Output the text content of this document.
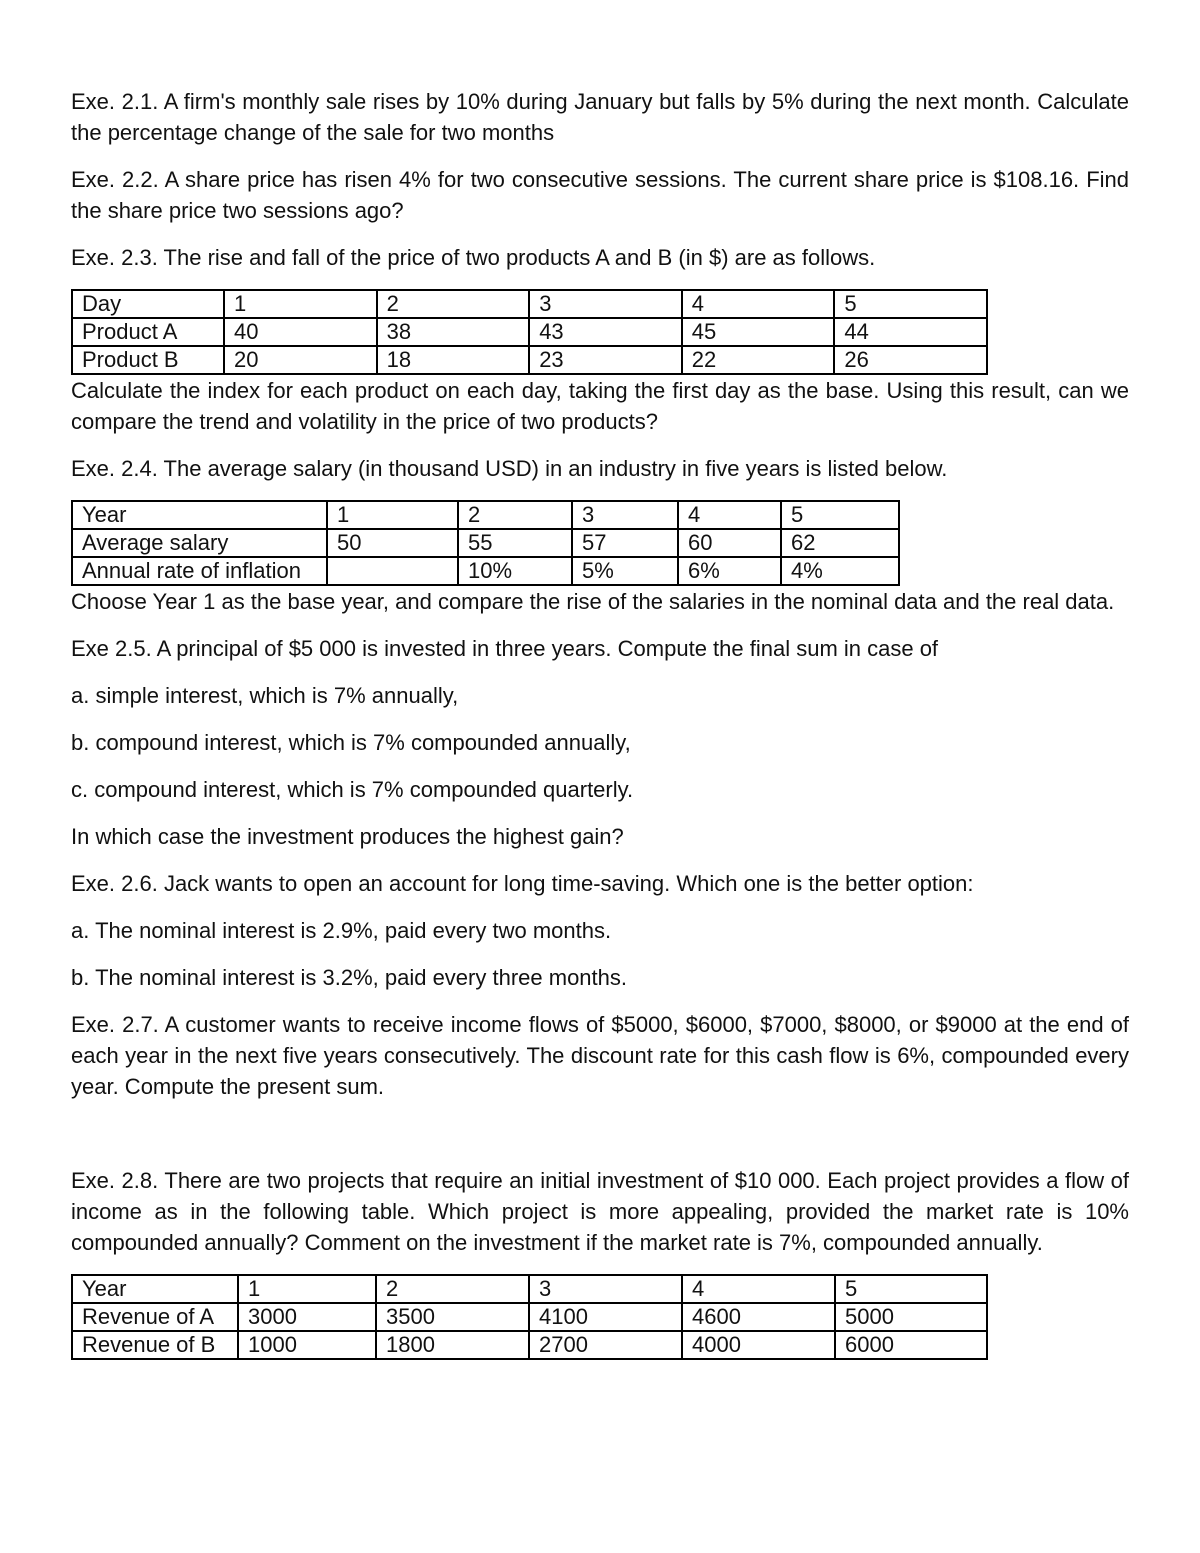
Exe. 2.1. A firm's monthly sale rises by 10% during January but falls by 5% during the next month. Calculate the percentage change of the sale for two months

Exe. 2.2. A share price has risen 4% for two consecutive sessions. The current share price is $108.16. Find the share price two sessions ago?

Exe. 2.3. The rise and fall of the price of two products A and B (in $) are as follows.

Day	1	2	3	4	5
Product A	40	38	43	45	44
Product B	20	18	23	22	26

Calculate the index for each product on each day, taking the first day as the base. Using this result, can we compare the trend and volatility in the price of two products?

Exe. 2.4. The average salary (in thousand USD) in an industry in five years is listed below.

Year	1	2	3	4	5
Average salary	50	55	57	60	62
Annual rate of inflation		10%	5%	6%	4%

Choose Year 1 as the base year, and compare the rise of the salaries in the nominal data and the real data.

Exe 2.5. A principal of $5 000 is invested in three years. Compute the final sum in case of

a. simple interest, which is 7% annually,

b. compound interest, which is 7% compounded annually,

c. compound interest, which is 7% compounded quarterly.

In which case the investment produces the highest gain?

Exe. 2.6. Jack wants to open an account for long time-saving. Which one is the better option:

a. The nominal interest is 2.9%, paid every two months.

b. The nominal interest is 3.2%, paid every three months.

Exe. 2.7. A customer wants to receive income flows of $5000, $6000, $7000, $8000, or $9000 at the end of each year in the next five years consecutively. The discount rate for this cash flow is 6%, compounded every year. Compute the present sum.

Exe. 2.8. There are two projects that require an initial investment of $10 000. Each project provides a flow of income as in the following table. Which project is more appealing, provided the market rate is 10% compounded annually? Comment on the investment if the market rate is 7%, compounded annually.

Year	1	2	3	4	5
Revenue of A	3000	3500	4100	4600	5000
Revenue of B	1000	1800	2700	4000	6000
